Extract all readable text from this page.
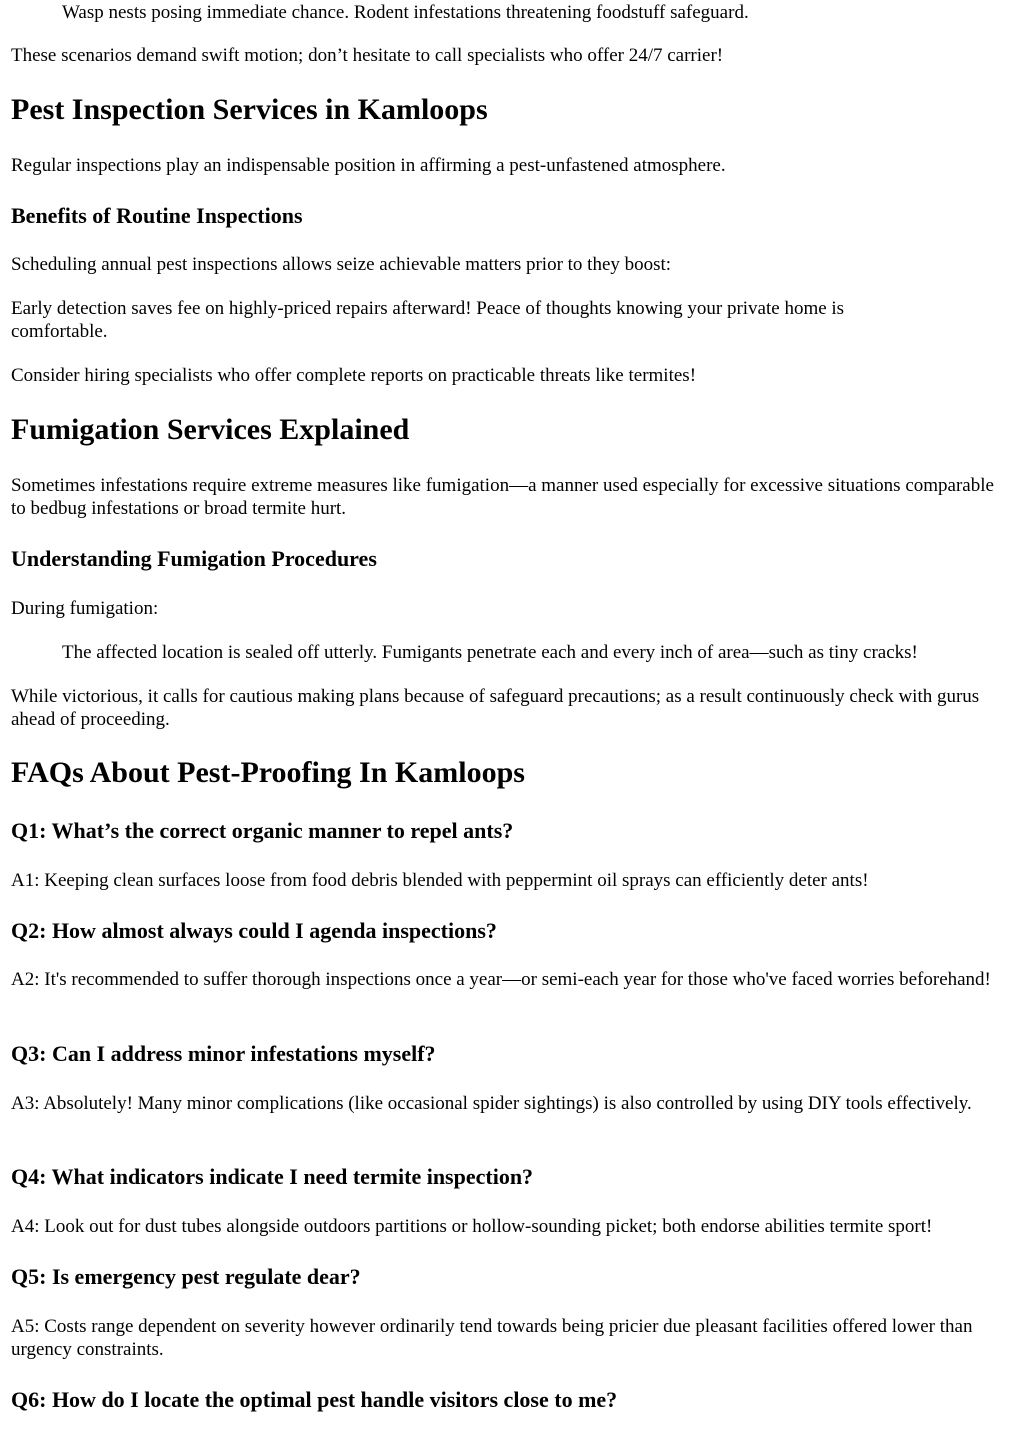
Wasp nests posing immediate chance. Rodent infestations threatening foodstuff safeguard.

These scenarios demand swift motion; don’t hesitate to call specialists who offer 24/7 carrier!

Pest Inspection Services in Kamloops

Regular inspections play an indispensable position in affirming a pest-unfastened atmosphere.

Benefits of Routine Inspections

Scheduling annual pest inspections allows seize achievable matters prior to they boost:

Early detection saves fee on highly-priced repairs afterward! Peace of thoughts knowing your private home is comfortable.

Consider hiring specialists who offer complete reports on practicable threats like termites!

Fumigation Services Explained

Sometimes infestations require extreme measures like fumigation—a manner used especially for excessive situations comparable to bedbug infestations or broad termite hurt.

Understanding Fumigation Procedures

During fumigation:

The affected location is sealed off utterly. Fumigants penetrate each and every inch of area—such as tiny cracks!

While victorious, it calls for cautious making plans because of safeguard precautions; as a result continuously check with gurus ahead of proceeding.

FAQs About Pest-Proofing In Kamloops
Q1: What’s the correct organic manner to repel ants?

A1: Keeping clean surfaces loose from food debris blended with peppermint oil sprays can efficiently deter ants!

Q2: How almost always could I agenda inspections?

A2: It's recommended to suffer thorough inspections once a year—or semi-each year for those who've faced worries beforehand!

Q3: Can I address minor infestations myself?

A3: Absolutely! Many minor complications (like occasional spider sightings) is also controlled by using DIY tools effectively.

Q4: What indicators indicate I need termite inspection?

A4: Look out for dust tubes alongside outdoors partitions or hollow-sounding picket; both endorse abilities termite sport!

Q5: Is emergency pest regulate dear?

A5: Costs range dependent on severity however ordinarily tend towards being pricier due pleasant facilities offered lower than urgency constraints.

Q6: How do I locate the optimal pest handle visitors close to me?
